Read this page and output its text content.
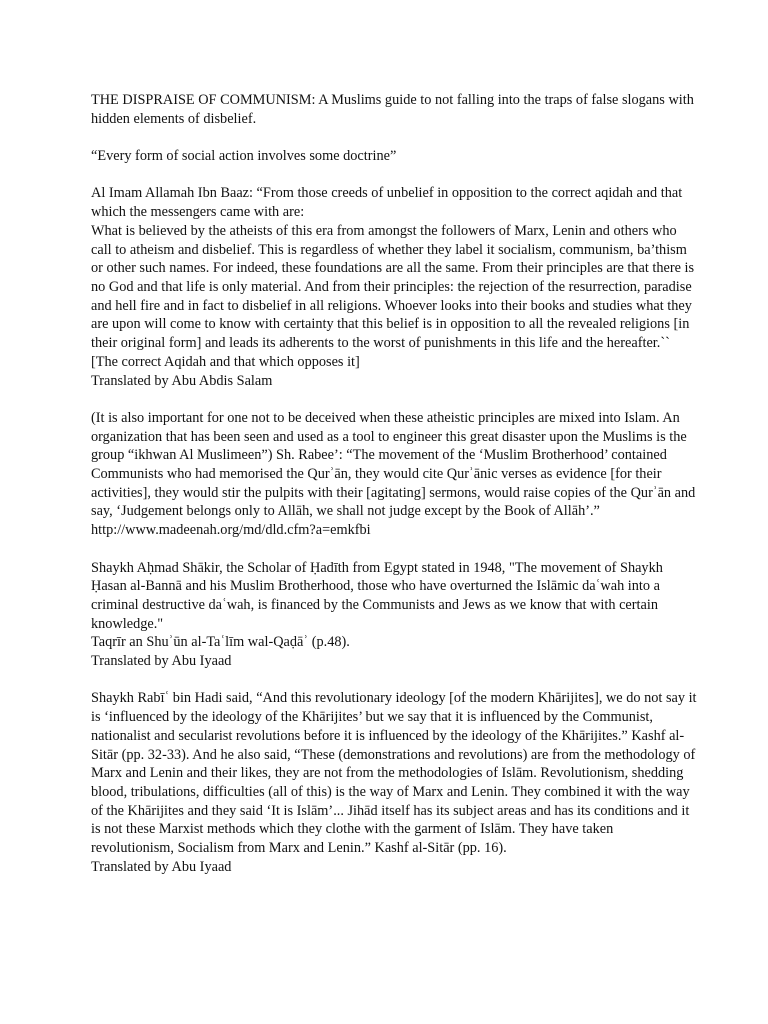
THE DISPRAISE OF COMMUNISM: A Muslims guide to not falling into the traps of false slogans with
hidden elements of disbelief.
“Every form of social action involves some doctrine”
Al Imam Allamah Ibn Baaz: “From those creeds of unbelief in opposition to the correct aqidah and that
which the messengers came with are:
What is believed by the atheists of this era from amongst the followers of Marx, Lenin and others who
call to atheism and disbelief. This is regardless of whether they label it socialism, communism, ba’thism
or other such names. For indeed, these foundations are all the same. From their principles are that there is
no God and that life is only material. And from their principles: the rejection of the resurrection, paradise
and hell fire and in fact to disbelief in all religions. Whoever looks into their books and studies what they
are upon will come to know with certainty that this belief is in opposition to all the revealed religions [in
their original form] and leads its adherents to the worst of punishments in this life and the hereafter.``
[The correct Aqidah and that which opposes it]
Translated by Abu Abdis Salam
(It is also important for one not to be deceived when these atheistic principles are mixed into Islam. An
organization that has been seen and used as a tool to engineer this great disaster upon the Muslims is the
group “ikhwan Al Muslimeen”) Sh. Rabee’: “The movement of the ‘Muslim Brotherhood’ contained
Communists who had memorised the Qurʾān, they would cite Qurʾānic verses as evidence [for their
activities], they would stir the pulpits with their [agitating] sermons, would raise copies of the Qurʾān and
say, ‘Judgement belongs only to Allāh, we shall not judge except by the Book of Allāh’.”
http://www.madeenah.org/md/dld.cfm?a=emkfbi
Shaykh Aḥmad Shākir, the Scholar of Ḥadīth from Egypt stated in 1948, "The movement of Shaykh
Ḥasan al-Bannā and his Muslim Brotherhood, those who have overturned the Islāmic daʿwah into a
criminal destructive daʿwah, is financed by the Communists and Jews as we know that with certain
knowledge."
Taqrīr an Shuʾūn al-Taʿlīm wal-Qaḍāʾ (p.48).
Translated by Abu Iyaad
Shaykh Rabīʿ bin Hadi said, “And this revolutionary ideology [of the modern Khārijites], we do not say it
is ‘influenced by the ideology of the Khārijites’ but we say that it is influenced by the Communist,
nationalist and secularist revolutions before it is influenced by the ideology of the Khārijites.” Kashf al-
Sitār (pp. 32-33). And he also said, “These (demonstrations and revolutions) are from the methodology of
Marx and Lenin and their likes, they are not from the methodologies of Islām. Revolutionism, shedding
blood, tribulations, difficulties (all of this) is the way of Marx and Lenin. They combined it with the way
of the Khārijites and they said ‘It is Islām’... Jihād itself has its subject areas and has its conditions and it
is not these Marxist methods which they clothe with the garment of Islām. They have taken
revolutionism, Socialism from Marx and Lenin.” Kashf al-Sitār (pp. 16).
Translated by Abu Iyaad
